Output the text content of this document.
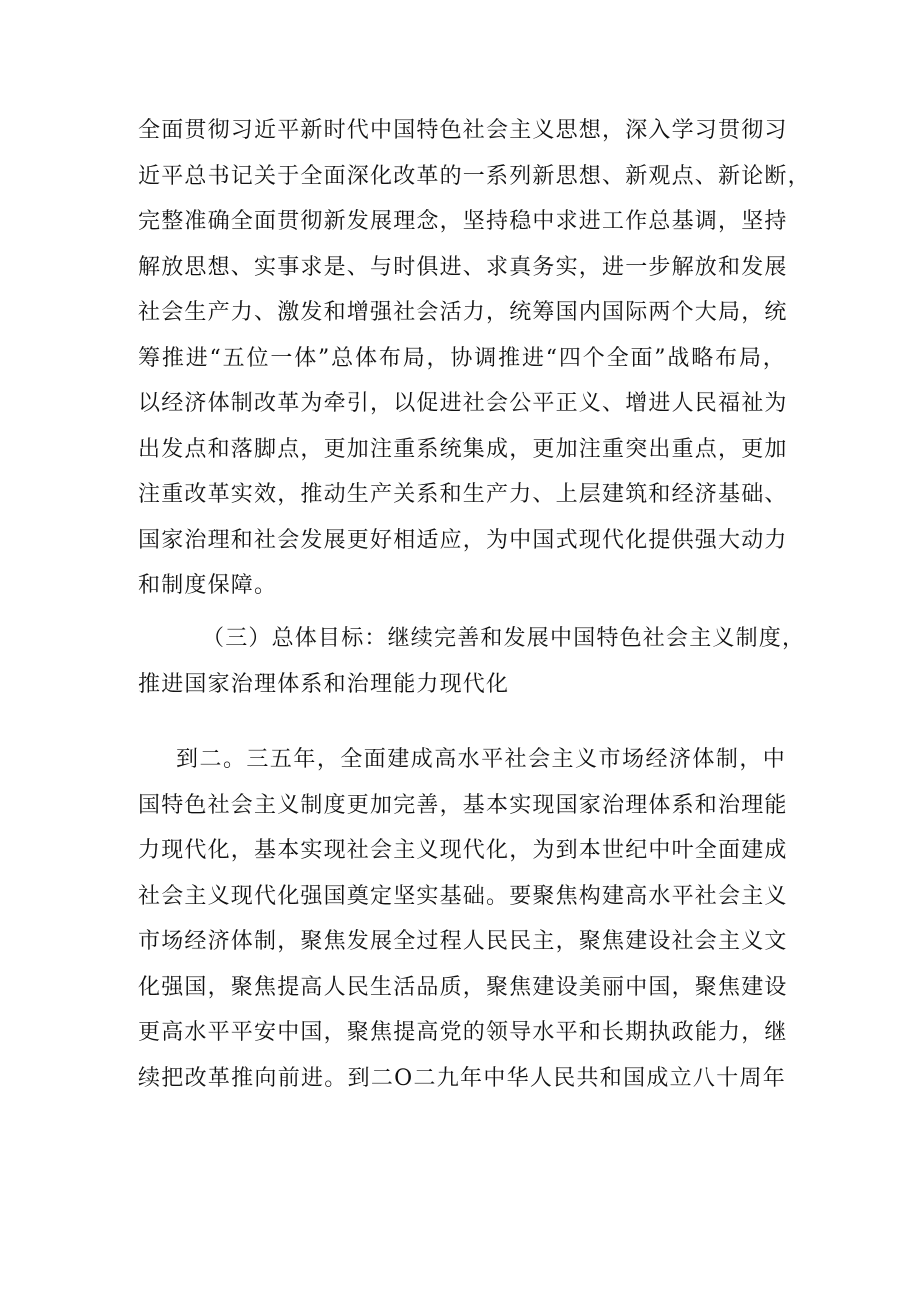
全面贯彻习近平新时代中国特色社会主义思想，深入学习贯彻习
近平总书记关于全面深化改革的一系列新思想、新观点、新论断，
完整准确全面贯彻新发展理念，坚持稳中求进工作总基调，坚持
解放思想、实事求是、与时俱进、求真务实，进一步解放和发展
社会生产力、激发和增强社会活力，统筹国内国际两个大局，统
筹推进“五位一体”总体布局，协调推进“四个全面”战略布局，
以经济体制改革为牵引，以促进社会公平正义、增进人民福祉为
出发点和落脚点，更加注重系统集成，更加注重突出重点，更加
注重改革实效，推动生产关系和生产力、上层建筑和经济基础、
国家治理和社会发展更好相适应，为中国式现代化提供强大动力
和制度保障。
（三）总体目标：继续完善和发展中国特色社会主义制度，
推进国家治理体系和治理能力现代化
到二。三五年，全面建成高水平社会主义市场经济体制，中
国特色社会主义制度更加完善，基本实现国家治理体系和治理能
力现代化，基本实现社会主义现代化，为到本世纪中叶全面建成
社会主义现代化强国奠定坚实基础。要聚焦构建高水平社会主义
市场经济体制，聚焦发展全过程人民民主，聚焦建设社会主义文
化强国，聚焦提高人民生活品质，聚焦建设美丽中国，聚焦建设
更高水平平安中国，聚焦提高党的领导水平和长期执政能力，继
续把改革推向前进。到二O二九年中华人民共和国成立八十周年
